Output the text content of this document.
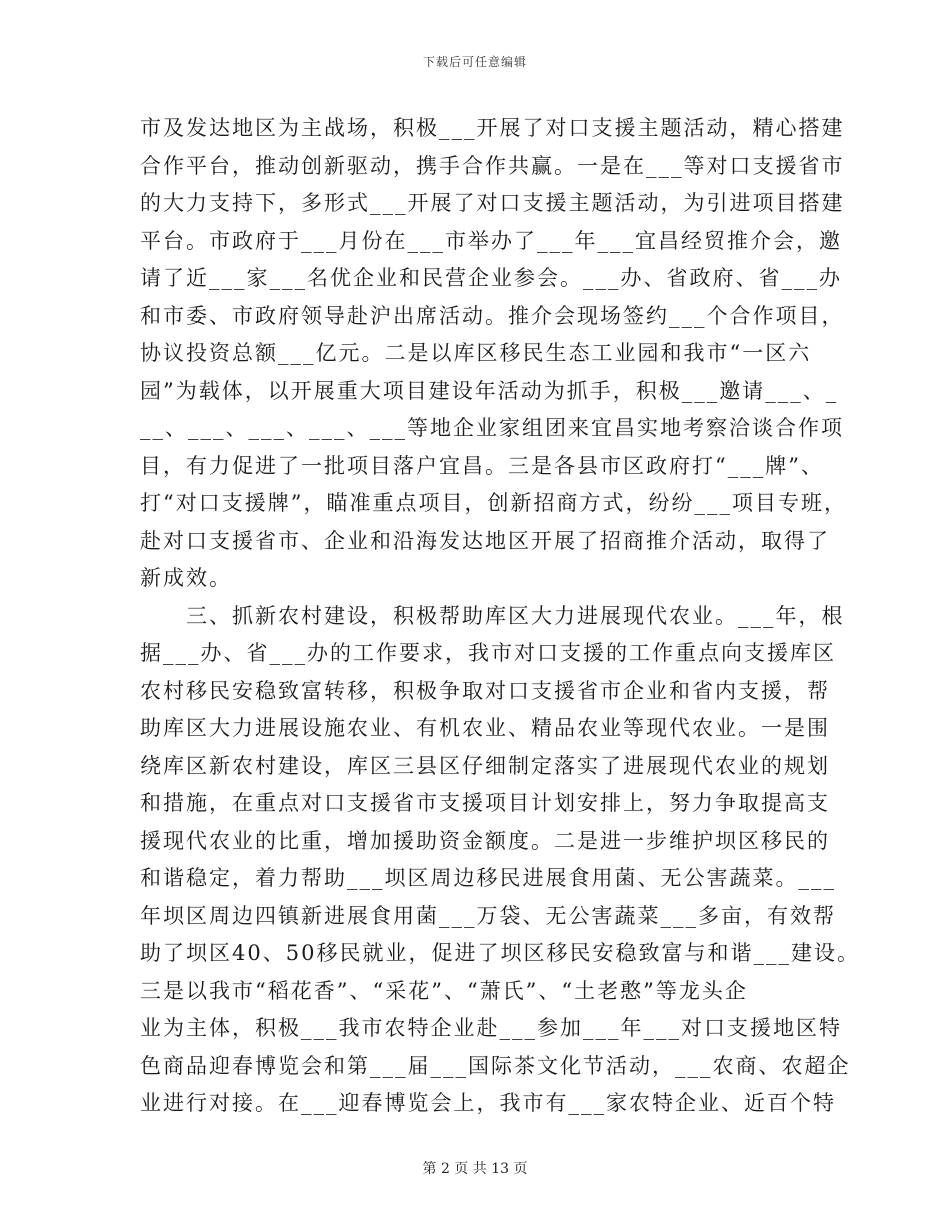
下载后可任意编辑
市及发达地区为主战场，积极___开展了对口支援主题活动，精心搭建
合作平台，推动创新驱动，携手合作共赢。一是在___等对口支援省市
的大力支持下，多形式___开展了对口支援主题活动，为引进项目搭建
平台。市政府于___月份在___市举办了___年___宜昌经贸推介会，邀
请了近___家___名优企业和民营企业参会。___办、省政府、省___办
和市委、市政府领导赴沪出席活动。推介会现场签约___个合作项目，
协议投资总额___亿元。二是以库区移民生态工业园和我市“一区六
园”为载体，以开展重大项目建设年活动为抓手，积极___邀请___、_
__、___、___、___、___等地企业家组团来宜昌实地考察洽谈合作项
目，有力促进了一批项目落户宜昌。三是各县市区政府打“___牌”、
打“对口支援牌”，瞄准重点项目，创新招商方式，纷纷___项目专班，
赴对口支援省市、企业和沿海发达地区开展了招商推介活动，取得了
新成效。
　　三、抓新农村建设，积极帮助库区大力进展现代农业。___年，根
据___办、省___办的工作要求，我市对口支援的工作重点向支援库区
农村移民安稳致富转移，积极争取对口支援省市企业和省内支援，帮
助库区大力进展设施农业、有机农业、精品农业等现代农业。一是围
绕库区新农村建设，库区三县区仔细制定落实了进展现代农业的规划
和措施，在重点对口支援省市支援项目计划安排上，努力争取提高支
援现代农业的比重，增加援助资金额度。二是进一步维护坝区移民的
和谐稳定，着力帮助___坝区周边移民进展食用菌、无公害蔬菜。___
年坝区周边四镇新进展食用菌___万袋、无公害蔬菜___多亩，有效帮
助了坝区40、50移民就业，促进了坝区移民安稳致富与和谐___建设。
三是以我市“稻花香”、“采花”、“萧氏”、“土老憨”等龙头企
业为主体，积极___我市农特企业赴___参加___年___对口支援地区特
色商品迎春博览会和第___届___国际茶文化节活动，___农商、农超企
业进行对接。在___迎春博览会上，我市有___家农特企业、近百个特
第 2 页 共 13 页
